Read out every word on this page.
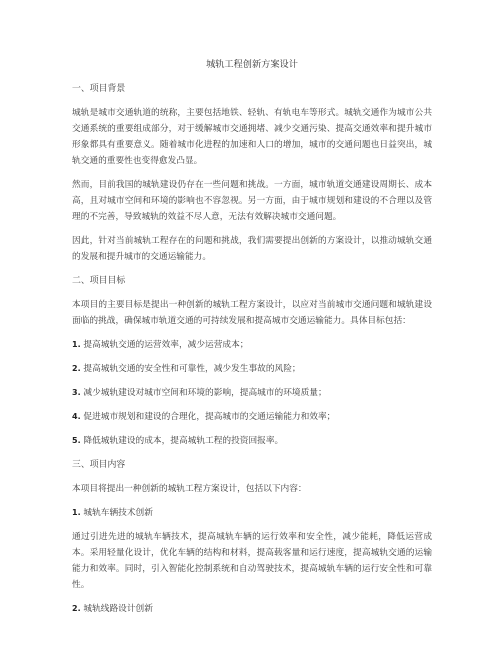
城轨工程创新方案设计
一、项目背景

城轨是城市交通轨道的统称，主要包括地铁、轻轨、有轨电车等形式。城轨交通作为城市公共交通系统的重要组成部分，对于缓解城市交通拥堵、减少交通污染、提高交通效率和提升城市形象都具有重要意义。随着城市化进程的加速和人口的增加，城市的交通问题也日益突出，城轨交通的重要性也变得愈发凸显。

然而，目前我国的城轨建设仍存在一些问题和挑战。一方面，城市轨道交通建设周期长、成本高，且对城市空间和环境的影响也不容忽视。另一方面，由于城市规划和建设的不合理以及管理的不完善，导致城轨的效益不尽人意，无法有效解决城市交通问题。

因此，针对当前城轨工程存在的问题和挑战，我们需要提出创新的方案设计，以推动城轨交通的发展和提升城市的交通运输能力。

二、项目目标

本项目的主要目标是提出一种创新的城轨工程方案设计，以应对当前城市交通问题和城轨建设面临的挑战，确保城市轨道交通的可持续发展和提高城市交通运输能力。具体目标包括：

1. 提高城轨交通的运营效率，减少运营成本；
2. 提高城轨交通的安全性和可靠性，减少发生事故的风险；
3. 减少城轨建设对城市空间和环境的影响，提高城市的环境质量；
4. 促进城市规划和建设的合理化，提高城市的交通运输能力和效率；
5. 降低城轨建设的成本，提高城轨工程的投资回报率。
三、项目内容

本项目将提出一种创新的城轨工程方案设计，包括以下内容：

1. 城轨车辆技术创新

通过引进先进的城轨车辆技术，提高城轨车辆的运行效率和安全性，减少能耗，降低运营成本。采用轻量化设计，优化车辆的结构和材料，提高载客量和运行速度，提高城轨交通的运输能力和效率。同时，引入智能化控制系统和自动驾驶技术，提高城轨车辆的运行安全性和可靠性。

2. 城轨线路设计创新
